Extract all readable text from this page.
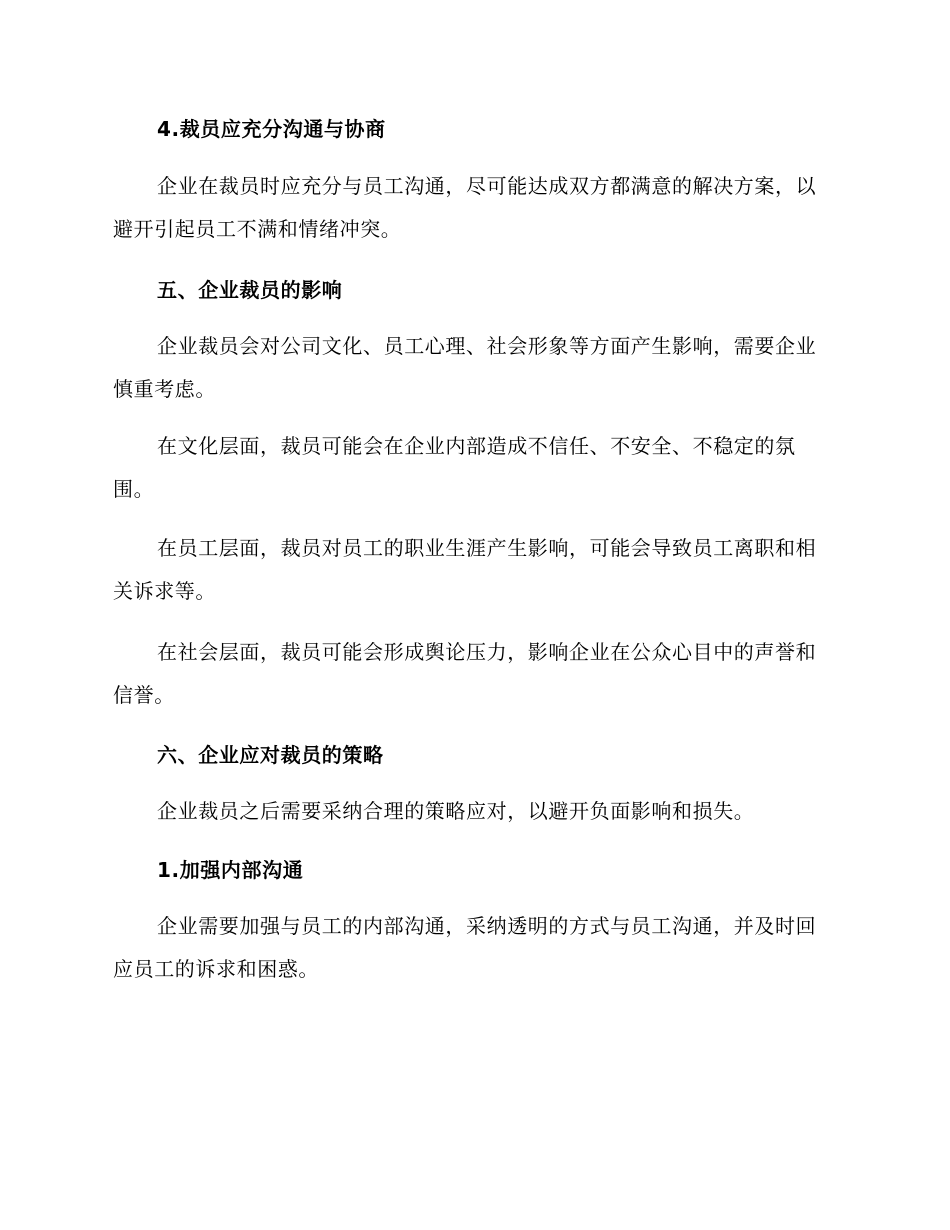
4.裁员应充分沟通与协商

企业在裁员时应充分与员工沟通，尽可能达成双方都满意的解决方案，以避开引起员工不满和情绪冲突。

五、企业裁员的影响

企业裁员会对公司文化、员工心理、社会形象等方面产生影响，需要企业慎重考虑。

在文化层面，裁员可能会在企业内部造成不信任、不安全、不稳定的氛围。

在员工层面，裁员对员工的职业生涯产生影响，可能会导致员工离职和相关诉求等。

在社会层面，裁员可能会形成舆论压力，影响企业在公众心目中的声誉和信誉。

六、企业应对裁员的策略

企业裁员之后需要采纳合理的策略应对，以避开负面影响和损失。

1.加强内部沟通

企业需要加强与员工的内部沟通，采纳透明的方式与员工沟通，并及时回应员工的诉求和困惑。
